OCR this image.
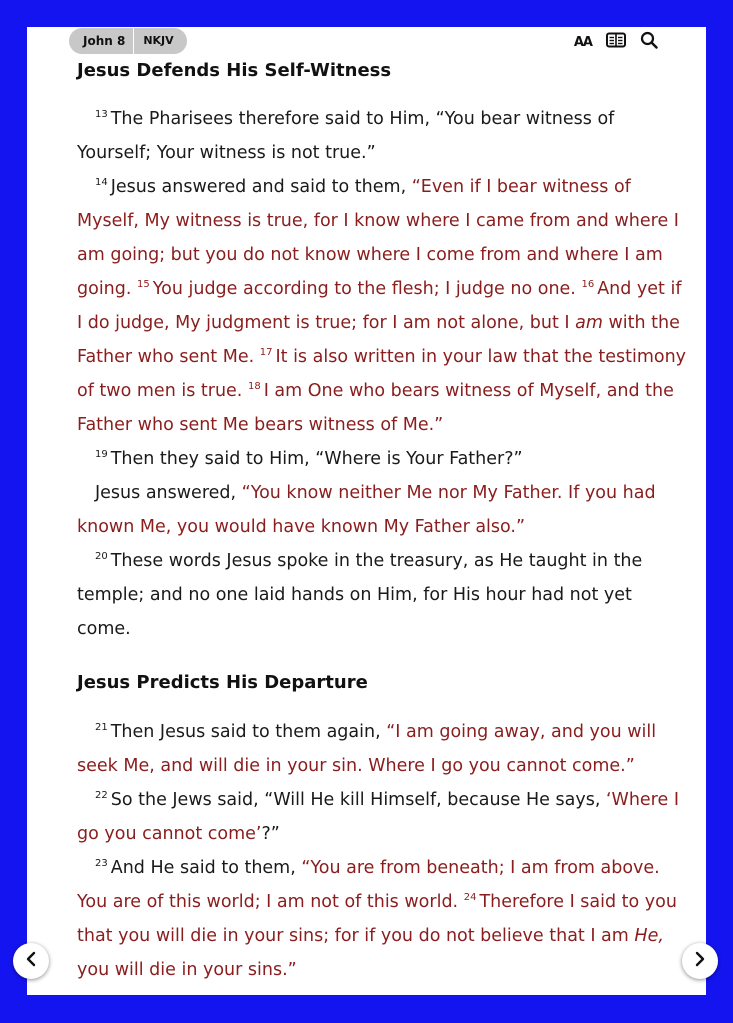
John 8	NKJV	AA
Jesus Defends His Self-Witness
$^{13}$ The Pharisees therefore said to Him, “You bear witness of
Yourself; Your witness is not true.”
$^{14}$ Jesus answered and said to them, “Even if I bear witness of
Myself, My witness is true, for I know where I came from and where I
am going; but you do not know where I come from and where I am
going. $^{15}$ You judge according to the flesh; I judge no one. $^{16}$ And yet if
I do judge, My judgment is true; for I am not alone, but I am with the
Father who sent Me. $^{17}$ It is also written in your law that the testimony
of two men is true. $^{18}$ I am One who bears witness of Myself, and the
Father who sent Me bears witness of Me.”
$^{19}$ Then they said to Him, “Where is Your Father?”
Jesus answered, “You know neither Me nor My Father. If you had
known Me, you would have known My Father also.”
$^{20}$ These words Jesus spoke in the treasury, as He taught in the
temple; and no one laid hands on Him, for His hour had not yet
come.
Jesus Predicts His Departure
$^{21}$ Then Jesus said to them again, “I am going away, and you will
seek Me, and will die in your sin. Where I go you cannot come.”
$^{22}$ So the Jews said, “Will He kill Himself, because He says, ‘Where I
go you cannot come’?”
$^{23}$ And He said to them, “You are from beneath; I am from above.
You are of this world; I am not of this world. $^{24}$ Therefore I said to you
that you will die in your sins; for if you do not believe that I am He,
you will die in your sins.”
